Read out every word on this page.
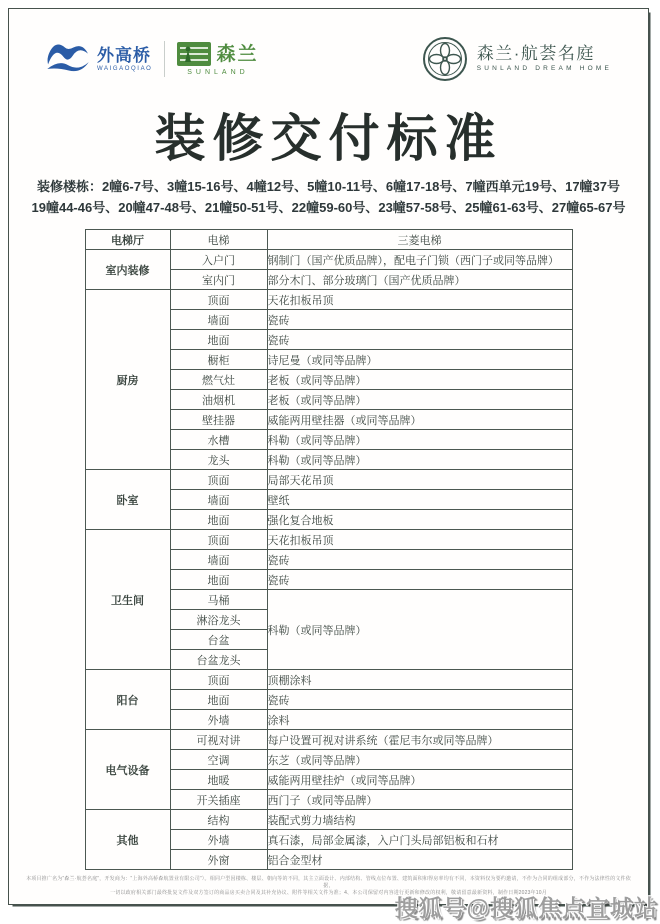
外高桥
WAIGAOQIAO
森兰
SUNLAND
森兰·航荟名庭
SUNLAND DREAM HOME
装修交付标准
装修楼栋：2幢6-7号、3幢15-16号、4幢12号、5幢10-11号、6幢17-18号、7幢西单元19号、17幢37号
19幢44-46号、20幢47-48号、21幢50-51号、22幢59-60号、23幢57-58号、25幢61-63号、27幢65-67号
电梯厅	电梯	三菱电梯
室内装修	入户门	钢制门（国产优质品牌），配电子门锁（西门子或同等品牌）
	室内门	部分木门、部分玻璃门（国产优质品牌）
厨房	顶面	天花扣板吊顶
	墙面	瓷砖
	地面	瓷砖
	橱柜	诗尼曼（或同等品牌）
	燃气灶	老板（或同等品牌）
	油烟机	老板（或同等品牌）
	壁挂器	威能两用壁挂器（或同等品牌）
	水槽	科勒（或同等品牌）
	龙头	科勒（或同等品牌）
卧室	顶面	局部天花吊顶
	墙面	壁纸
	地面	强化复合地板
卫生间	顶面	天花扣板吊顶
	墙面	瓷砖
	地面	瓷砖
	马桶	科勒（或同等品牌）
	淋浴龙头	
	台盆	
	台盆龙头	
阳台	顶面	顶棚涂料
	地面	瓷砖
	外墙	涂料
电气设备	可视对讲	每户设置可视对讲系统（霍尼韦尔或同等品牌）
	空调	东芝（或同等品牌）
	地暖	威能两用壁挂炉（或同等品牌）
	开关插座	西门子（或同等品牌）
其他	结构	装配式剪力墙结构
	外墙	真石漆，局部金属漆，入户门头局部铝板和石材
	外窗	铝合金型材
本项目推广名为“森兰·航荟名庭”，开发商为：“上海外高桥森航置业有限公司”）。相同户型因楼栋、楼层、朝向等的不同，其主立面设计、内部结构、管线点位布置、建筑面积和得房率均有不同，本资料仅为要约邀请，不作为合同的组成部分，不作为法律性的文件依据，
一切以政府相关部门最终批复文件及双方签订的商品房买卖合同及其补充协议、附件等相关文件为准；4、本公司保留对内容进行更新和修改的权利，敬请留意最新资料，制作日期2023年10月
搜狐号@搜狐焦点宜城站
